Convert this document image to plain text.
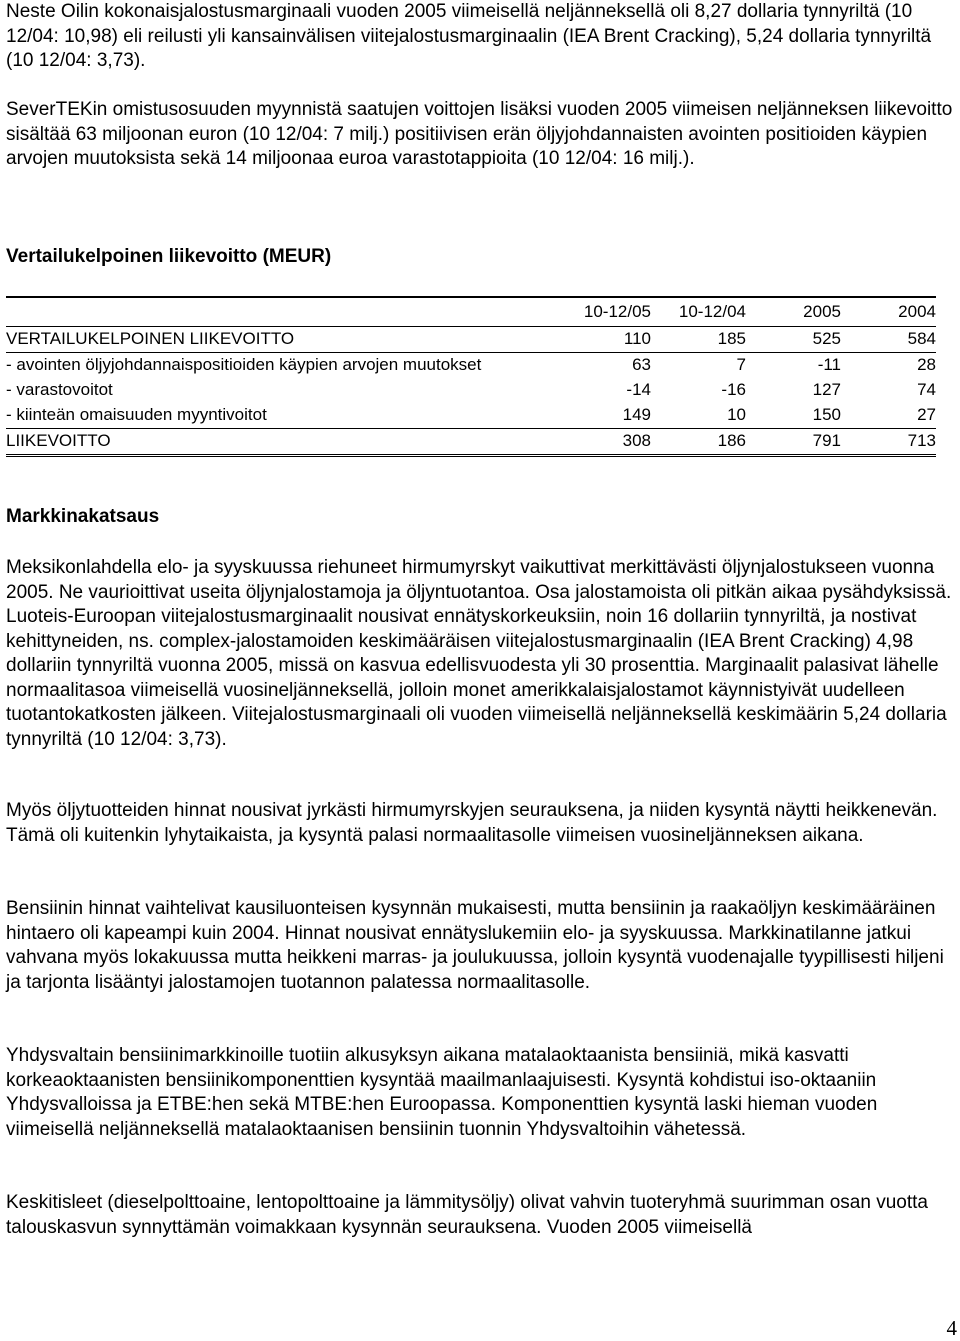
Neste Oilin kokonaisjalostusmarginaali vuoden 2005 viimeisellä neljänneksellä oli 8,27 dollaria tynnyriltä (10 12/04: 10,98) eli reilusti yli kansainvälisen viitejalostusmarginaalin (IEA Brent Cracking), 5,24 dollaria tynnyriltä (10 12/04: 3,73).

SeverTEKin omistusosuuden myynnistä saatujen voittojen lisäksi vuoden 2005 viimeisen neljänneksen liikevoitto sisältää 63 miljoonan euron (10 12/04: 7 milj.) positiivisen erän öljyjohdannaisten avointen positioiden käypien arvojen muutoksista sekä 14 miljoonaa euroa varastotappioita (10 12/04: 16 milj.).

Vertailukelpoinen liikevoitto (MEUR)

	10-12/05	10-12/04	2005	2004
VERTAILUKELPOINEN LIIKEVOITTO	110	185	525	584
- avointen öljyjohdannaispositioiden käypien arvojen muutokset	63	7	-11	28
- varastovoitot	-14	-16	127	74
- kiinteän omaisuuden myyntivoitot	149	10	150	27
LIIKEVOITTO	308	186	791	713

Markkinakatsaus

Meksikonlahdella elo- ja syyskuussa riehuneet hirmumyrskyt vaikuttivat merkittävästi öljynjalostukseen vuonna 2005. Ne vaurioittivat useita öljynjalostamoja ja öljyntuotantoa. Osa jalostamoista oli pitkän aikaa pysähdyksissä. Luoteis-Euroopan viitejalostusmarginaalit nousivat ennätyskorkeuksiin, noin 16 dollariin tynnyriltä, ja nostivat kehittyneiden, ns. complex-jalostamoiden keskimääräisen viitejalostusmarginaalin (IEA Brent Cracking) 4,98 dollariin tynnyriltä vuonna 2005, missä on kasvua edellisvuodesta yli 30 prosenttia. Marginaalit palasivat lähelle normaalitasoa viimeisellä vuosineljänneksellä, jolloin monet amerikkalaisjalostamot käynnistyivät uudelleen tuotantokatkosten jälkeen. Viitejalostusmarginaali oli vuoden viimeisellä neljänneksellä keskimäärin 5,24 dollaria tynnyriltä (10 12/04: 3,73).

Myös öljytuotteiden hinnat nousivat jyrkästi hirmumyrskyjen seurauksena, ja niiden kysyntä näytti heikkenevän. Tämä oli kuitenkin lyhytaikaista, ja kysyntä palasi normaalitasolle viimeisen vuosineljänneksen aikana.

Bensiinin hinnat vaihtelivat kausiluonteisen kysynnän mukaisesti, mutta bensiinin ja raakaöljyn keskimääräinen hintaero oli kapeampi kuin 2004. Hinnat nousivat ennätyslukemiin elo- ja syyskuussa. Markkinatilanne jatkui vahvana myös lokakuussa mutta heikkeni marras- ja joulukuussa, jolloin kysyntä vuodenajalle tyypillisesti hiljeni ja tarjonta lisääntyi jalostamojen tuotannon palatessa normaalitasolle.

Yhdysvaltain bensiinimarkkinoille tuotiin alkusyksyn aikana matalaoktaanista bensiiniä, mikä kasvatti korkeaoktaanisten bensiinikomponenttien kysyntää maailmanlaajuisesti. Kysyntä kohdistui iso-oktaaniin Yhdysvalloissa ja ETBE:hen sekä MTBE:hen Euroopassa. Komponenttien kysyntä laski hieman vuoden viimeisellä neljänneksellä matalaoktaanisen bensiinin tuonnin Yhdysvaltoihin vähetessä.

Keskitisleet (dieselpolttoaine, lentopolttoaine ja lämmitysöljy) olivat vahvin tuoteryhmä suurimman osan vuotta talouskasvun synnyttämän voimakkaan kysynnän seurauksena. Vuoden 2005 viimeisellä

4
